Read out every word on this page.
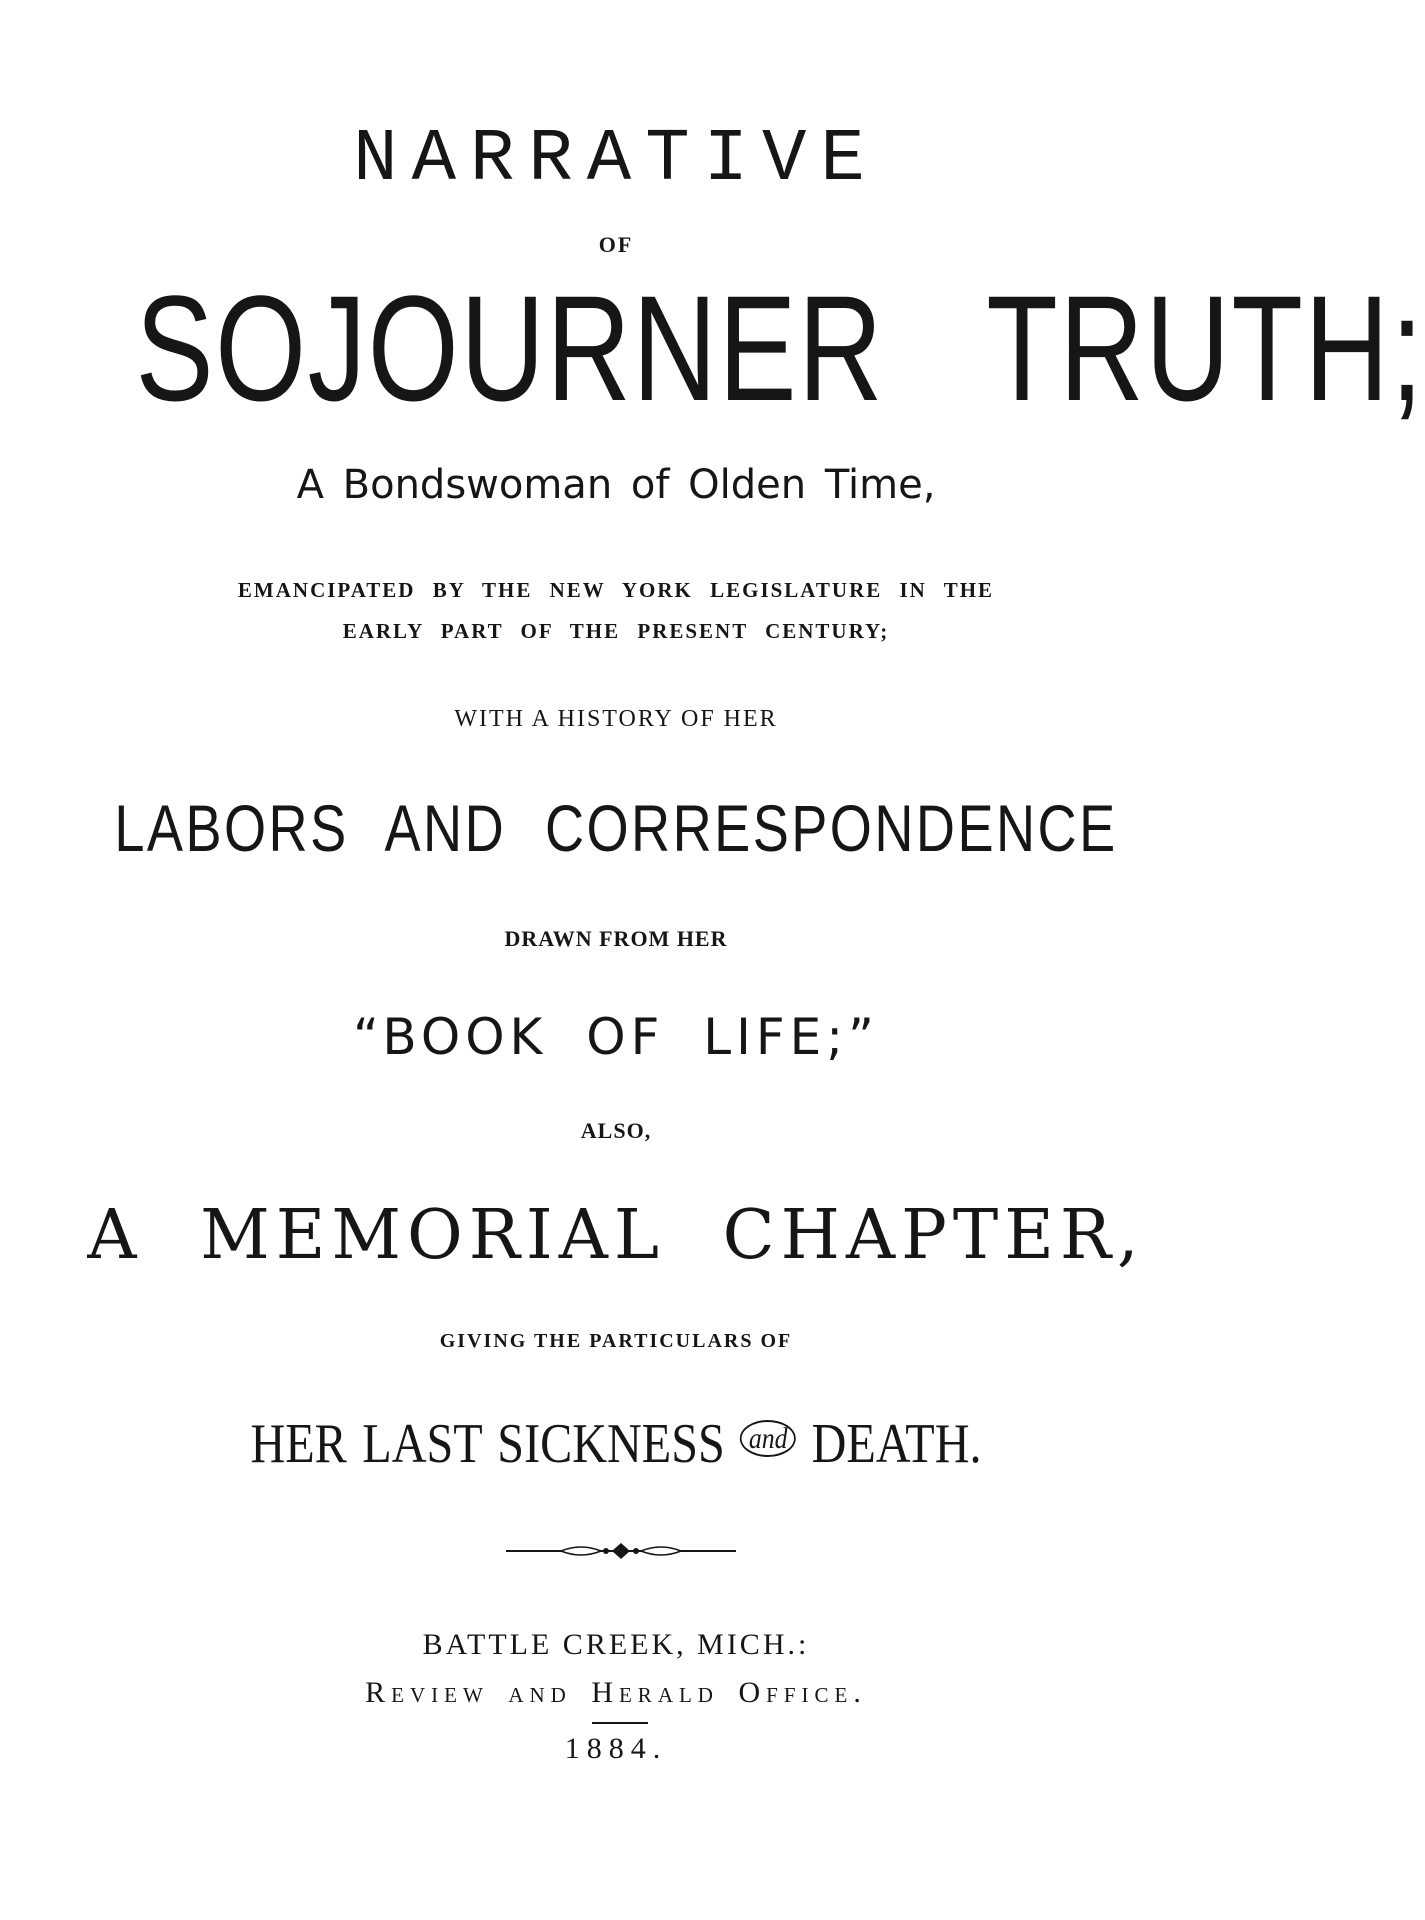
NARRATIVE
OF
SOJOURNER TRUTH;
A Bondswoman of Olden Time,
EMANCIPATED BY THE NEW YORK LEGISLATURE IN THE
EARLY PART OF THE PRESENT CENTURY;
WITH A HISTORY OF HER
LABORS AND CORRESPONDENCE
DRAWN FROM HER
“BOOK OF LIFE;”
ALSO,
A MEMORIAL CHAPTER,
GIVING THE PARTICULARS OF
HER LAST SICKNESS $^{and}$ DEATH.
BATTLE CREEK, MICH.:
Review and Herald Office.
1884.
